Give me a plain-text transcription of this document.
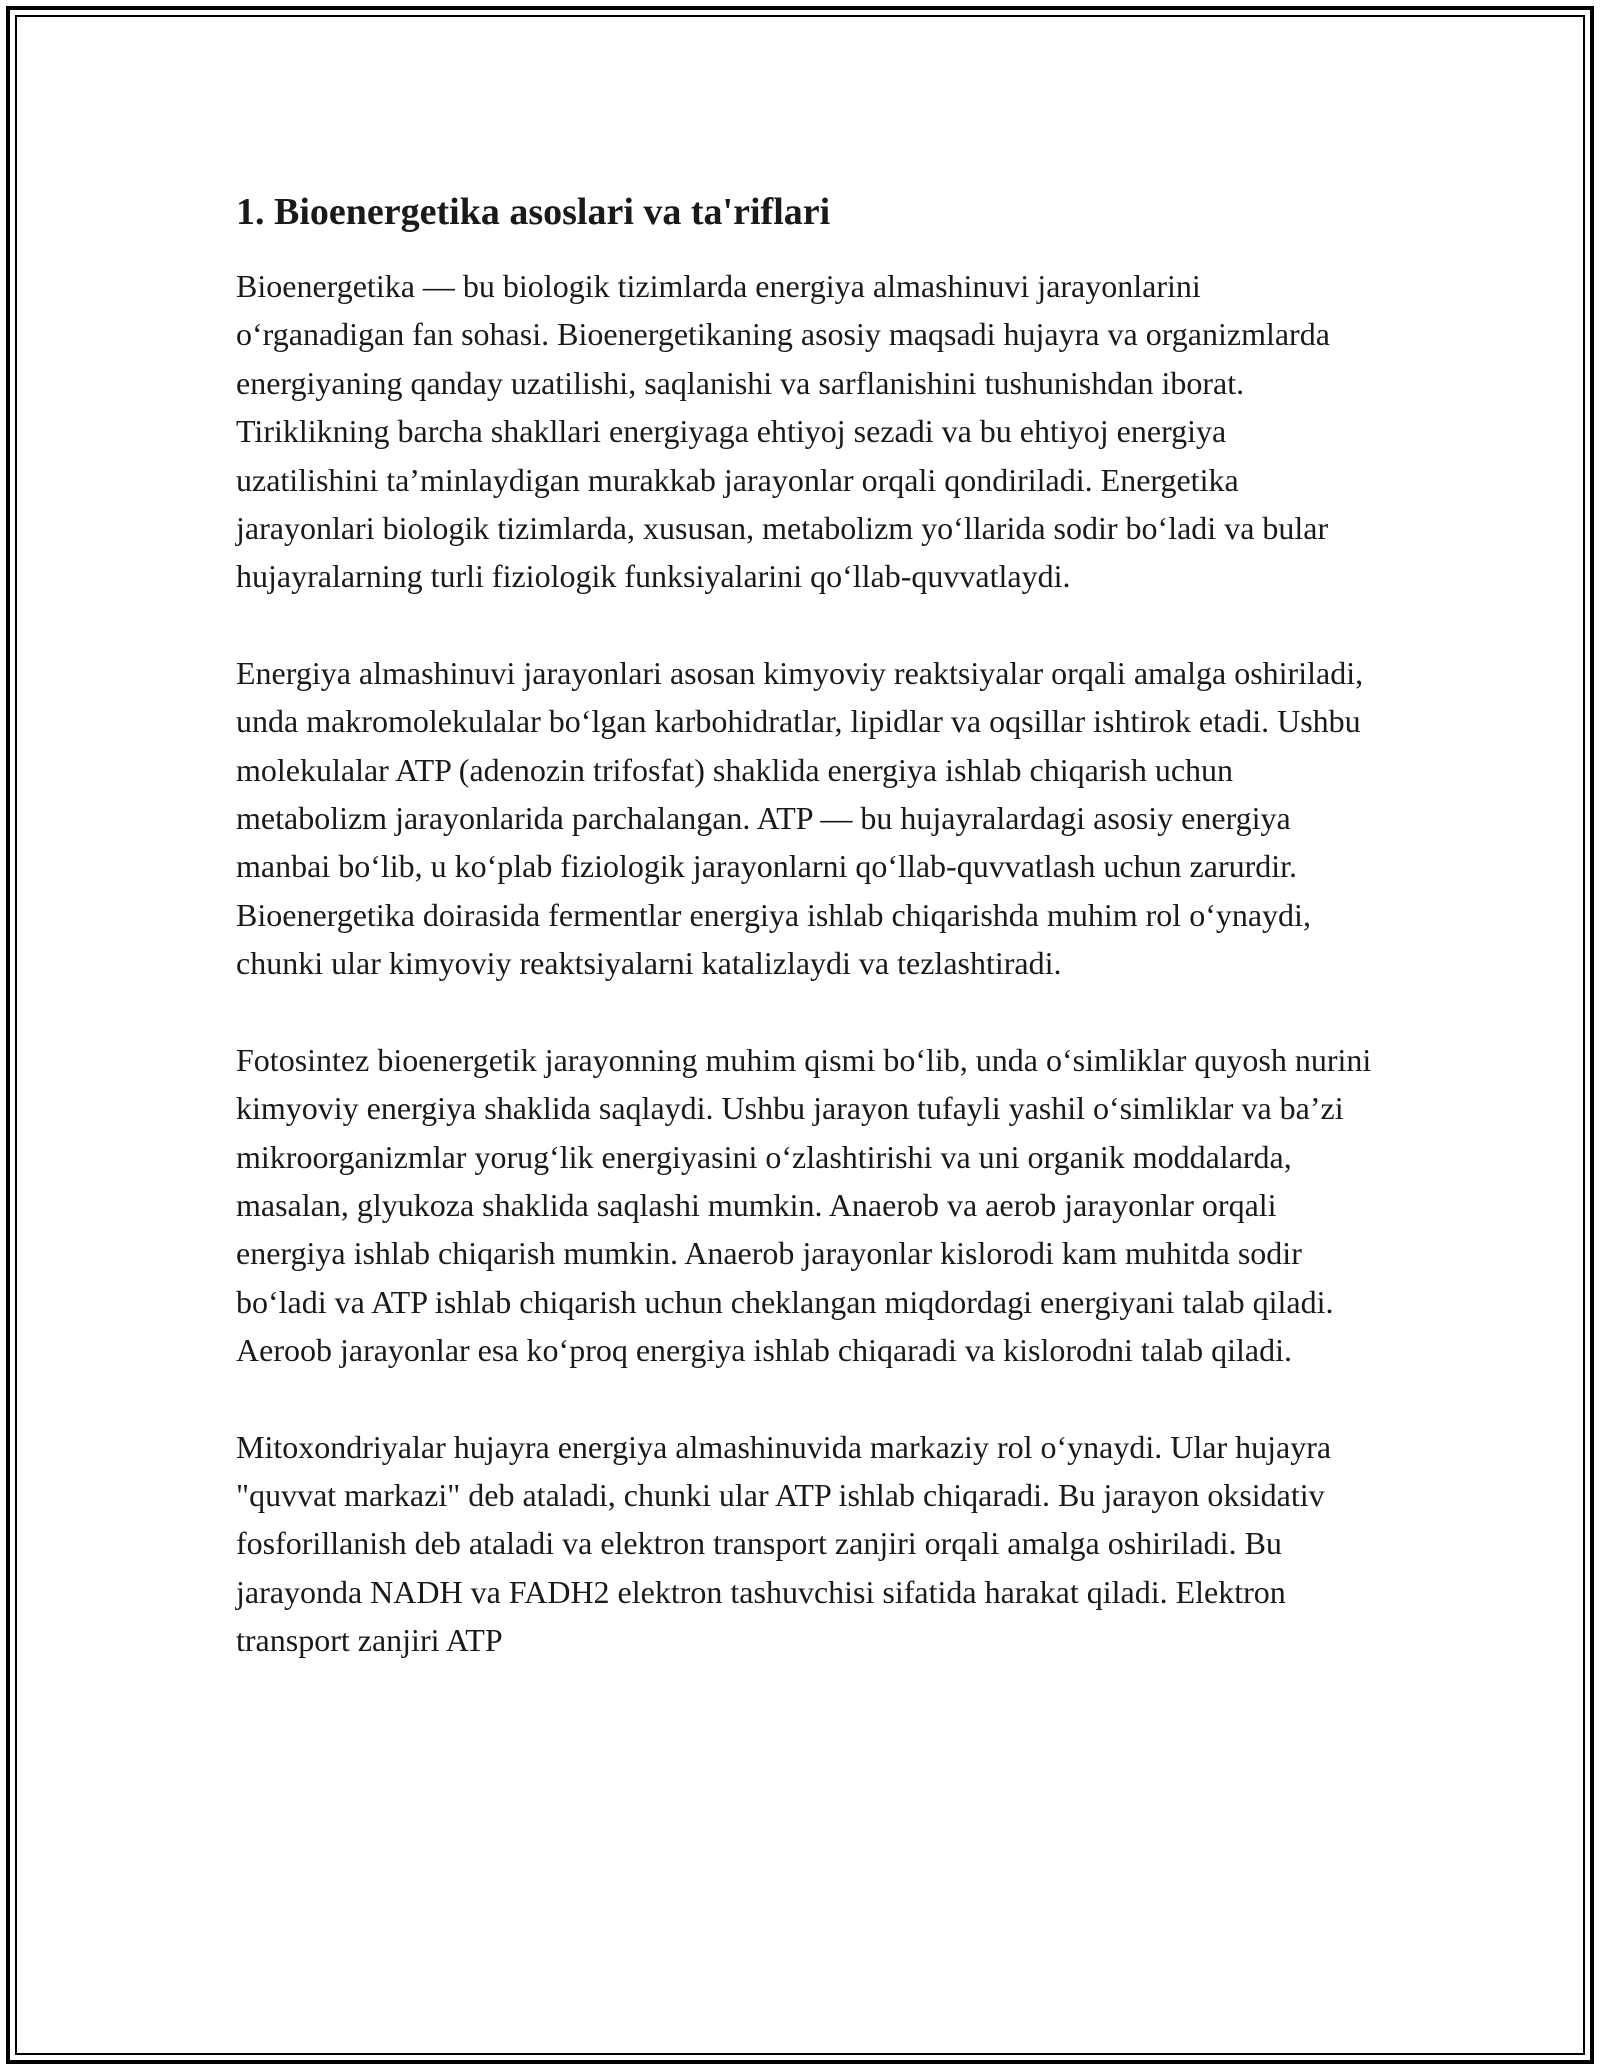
1. Bioenergetika asoslari va ta'riflari

Bioenergetika — bu biologik tizimlarda energiya almashinuvi jarayonlarini o‘rganadigan fan sohasi. Bioenergetikaning asosiy maqsadi hujayra va organizmlarda energiyaning qanday uzatilishi, saqlanishi va sarflanishini tushunishdan iborat. Tiriklikning barcha shakllari energiyaga ehtiyoj sezadi va bu ehtiyoj energiya uzatilishini ta’minlaydigan murakkab jarayonlar orqali qondiriladi. Energetika jarayonlari biologik tizimlarda, xususan, metabolizm yo‘llarida sodir bo‘ladi va bular hujayralarning turli fiziologik funksiyalarini qo‘llab-quvvatlaydi.

Energiya almashinuvi jarayonlari asosan kimyoviy reaktsiyalar orqali amalga oshiriladi, unda makromolekulalar bo‘lgan karbohidratlar, lipidlar va oqsillar ishtirok etadi. Ushbu molekulalar ATP (adenozin trifosfat) shaklida energiya ishlab chiqarish uchun metabolizm jarayonlarida parchalangan. ATP — bu hujayralardagi asosiy energiya manbai bo‘lib, u ko‘plab fiziologik jarayonlarni qo‘llab-quvvatlash uchun zarurdir. Bioenergetika doirasida fermentlar energiya ishlab chiqarishda muhim rol o‘ynaydi, chunki ular kimyoviy reaktsiyalarni katalizlaydi va tezlashtiradi.

Fotosintez bioenergetik jarayonning muhim qismi bo‘lib, unda o‘simliklar quyosh nurini kimyoviy energiya shaklida saqlaydi. Ushbu jarayon tufayli yashil o‘simliklar va ba’zi mikroorganizmlar yorug‘lik energiyasini o‘zlashtirishi va uni organik moddalarda, masalan, glyukoza shaklida saqlashi mumkin. Anaerob va aerob jarayonlar orqali energiya ishlab chiqarish mumkin. Anaerob jarayonlar kislorodi kam muhitda sodir bo‘ladi va ATP ishlab chiqarish uchun cheklangan miqdordagi energiyani talab qiladi. Aeroob jarayonlar esa ko‘proq energiya ishlab chiqaradi va kislorodni talab qiladi.

Mitoxondriyalar hujayra energiya almashinuvida markaziy rol o‘ynaydi. Ular hujayra "quvvat markazi" deb ataladi, chunki ular ATP ishlab chiqaradi. Bu jarayon oksidativ fosforillanish deb ataladi va elektron transport zanjiri orqali amalga oshiriladi. Bu jarayonda NADH va FADH2 elektron tashuvchisi sifatida harakat qiladi. Elektron transport zanjiri ATP
